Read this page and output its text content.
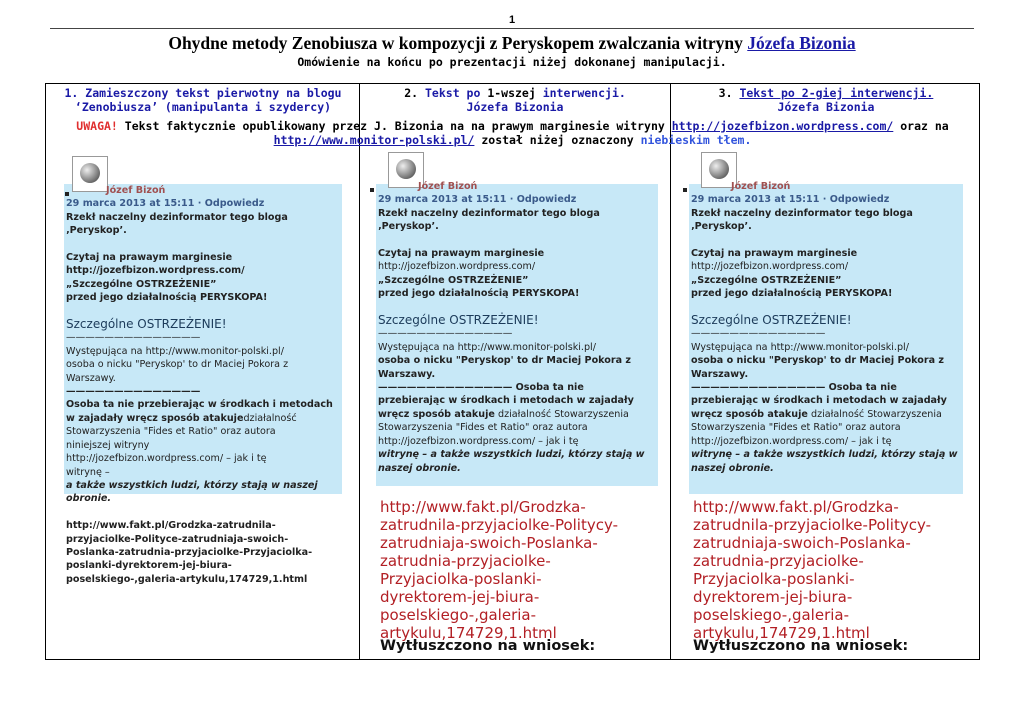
1
Ohydne metody Zenobiusza w kompozycji z Peryskopem zwalczania witryny Józefa Bizonia
Omówienie na końcu po prezentacji niżej dokonanej manipulacji.
1. Zamieszczony tekst pierwotny na blogu
‘Zenobiusza’ (manipulanta i szydercy)
2. Tekst po 1-wszej interwencji.
Józefa Bizonia
3. Tekst po 2-giej interwencji.
Józefa Bizonia
UWAGA! Tekst faktycznie opublikowany przez J. Bizonia na na prawym marginesie witryny http://jozefbizon.wordpress.com/ oraz na
http://www.monitor-polski.pl/ został niżej oznaczony niebieskim tłem.

Józef Bizoń

29 marca 2013 at 15:11 · Odpowiedz

Rzekł naczelny dezinformator tego bloga

‚Peryskop’.

Czytaj na prawaym marginesie

http://jozefbizon.wordpress.com/

„Szczególne OSTRZEŻENIE”

przed jego działalnością PERYSKOPA!

Szczególne OSTRZEŻENIE!

——————————————

Występująca na http://www.monitor-polski.pl/

osoba o nicku "Peryskop' to dr Maciej Pokora z

Warszawy.

——————————————

Osoba ta nie przebierając w środkach i metodach

w zajadały wręcz sposób atakujedziałalność

Stowarzyszenia "Fides et Ratio" oraz autora

niniejszej witryny

http://jozefbizon.wordpress.com/ – jak i tę

witrynę –

a także wszystkich ludzi, którzy stają w naszej

obronie.

http://www.fakt.pl/Grodzka-zatrudnila-

przyjaciolke-Polityce-zatrudniaja-swoich-

Poslanka-zatrudnia-przyjaciolke-Przyjaciolka-

poslanki-dyrektorem-jej-biura-

poselskiego-,galeria-artykulu,174729,1.html

Józef Bizoń

29 marca 2013 at 15:11 · Odpowiedz

Rzekł naczelny dezinformator tego bloga

‚Peryskop’.

Czytaj na prawaym marginesie

http://jozefbizon.wordpress.com/

„Szczególne OSTRZEŻENIE”

przed jego działalnością PERYSKOPA!

Szczególne OSTRZEŻENIE!

——————————————

Występująca na http://www.monitor-polski.pl/

osoba o nicku "Peryskop' to dr Maciej Pokora z

Warszawy.

—————————————— Osoba ta nie

przebierając w środkach i metodach w zajadały

wręcz sposób atakuje działalność Stowarzyszenia

Stowarzyszenia "Fides et Ratio" oraz autora

http://jozefbizon.wordpress.com/ – jak i tę

witrynę – a także wszystkich ludzi, którzy stają w

naszej obronie.

http://www.fakt.pl/Grodzka-
zatrudnila-przyjaciolke-Politycy-
zatrudniaja-swoich-Poslanka-
zatrudnia-przyjaciolke-
Przyjaciolka-poslanki-
dyrektorem-jej-biura-
poselskiego-,galeria-
artykulu,174729,1.html
Wytłuszczono na wniosek:

Józef Bizoń

29 marca 2013 at 15:11 · Odpowiedz

Rzekł naczelny dezinformator tego bloga

‚Peryskop’.

Czytaj na prawaym marginesie

http://jozefbizon.wordpress.com/

„Szczególne OSTRZEŻENIE”

przed jego działalnością PERYSKOPA!

Szczególne OSTRZEŻENIE!

——————————————

Występująca na http://www.monitor-polski.pl/

osoba o nicku "Peryskop' to dr Maciej Pokora z

Warszawy.

—————————————— Osoba ta nie

przebierając w środkach i metodach w zajadały

wręcz sposób atakuje działalność Stowarzyszenia

Stowarzyszenia "Fides et Ratio" oraz autora

http://jozefbizon.wordpress.com/ – jak i tę

witrynę – a także wszystkich ludzi, którzy stają w

naszej obronie.

http://www.fakt.pl/Grodzka-
zatrudnila-przyjaciolke-Politycy-
zatrudniaja-swoich-Poslanka-
zatrudnia-przyjaciolke-
Przyjaciolka-poslanki-
dyrektorem-jej-biura-
poselskiego-,galeria-
artykulu,174729,1.html
Wytłuszczono na wniosek:
